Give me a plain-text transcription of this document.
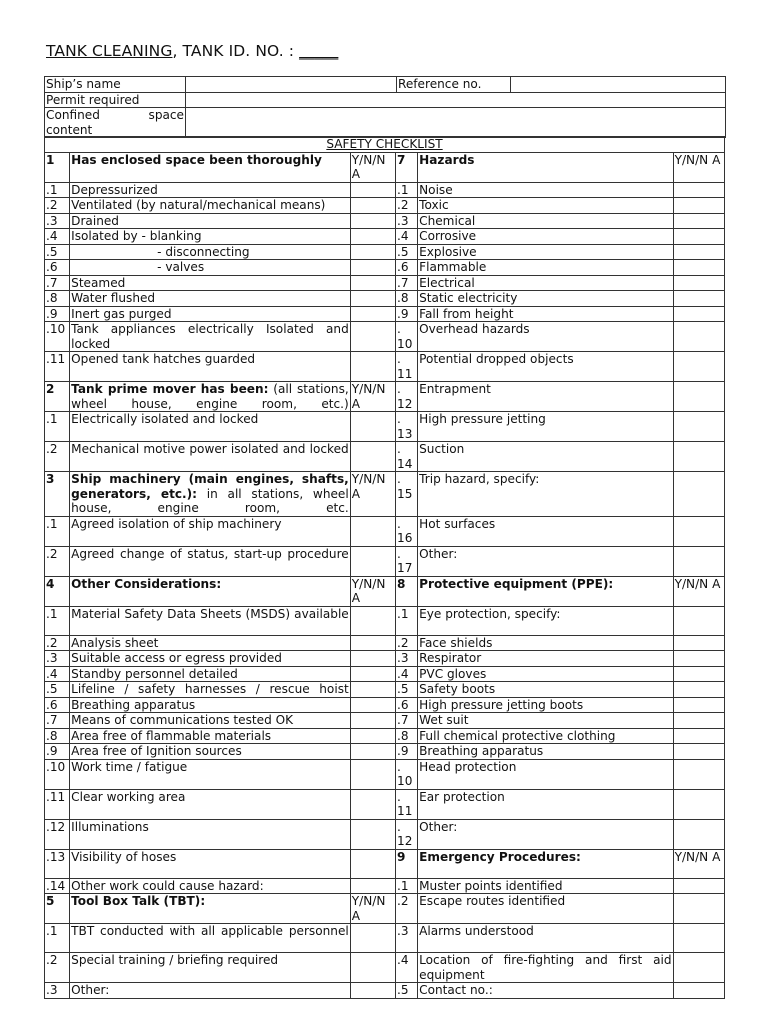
TANK CLEANING, TANK ID. NO. : _____
Ship’s name		Reference no.	
Permit required			

Confined space
content			

SAFETY CHECKLIST					
1	Has enclosed space been thoroughly	Y/N/N A	7	Hazards	Y/N/N A
.1	Depressurized		.1	Noise	
.2	Ventilated (by natural/mechanical means)		.2	Toxic	
.3	Drained		.3	Chemical	
.4	Isolated by - blanking		.4	Corrosive	
.5	- disconnecting		.5	Explosive	
.6	- valves		.6	Flammable	
.7	Steamed		.7	Electrical	
.8	Water flushed		.8	Static electricity	
.9	Inert gas purged		.9	Fall from height	
.10	Tank appliances electrically Isolated and locked		. 10	Overhead hazards	
.11	Opened tank hatches guarded		. 11	Potential dropped objects	
2	Tank prime mover has been: (all stations, wheel house, engine room, etc.)	Y/N/N A	. 12	Entrapment	
.1	Electrically isolated and locked		. 13	High pressure jetting	
.2	Mechanical motive power isolated and locked		. 14	Suction	
3	Ship machinery (main engines, shafts, generators, etc.): in all stations, wheel house, engine room, etc.	Y/N/N A	. 15	Trip hazard, specify:	
.1	Agreed isolation of ship machinery		. 16	Hot surfaces	
.2	Agreed change of status, start-up procedure		. 17	Other:	
4	Other Considerations:	Y/N/N A	8	Protective equipment (PPE):	Y/N/N A
.1	Material Safety Data Sheets (MSDS) available		.1	Eye protection, specify:	
.2	Analysis sheet		.2	Face shields	
.3	Suitable access or egress provided		.3	Respirator	
.4	Standby personnel detailed		.4	PVC gloves	
.5	Lifeline / safety harnesses / rescue hoist		.5	Safety boots	
.6	Breathing apparatus		.6	High pressure jetting boots	
.7	Means of communications tested OK		.7	Wet suit	
.8	Area free of flammable materials		.8	Full chemical protective clothing	
.9	Area free of Ignition sources		.9	Breathing apparatus	
.10	Work time / fatigue		. 10	Head protection	
.11	Clear working area		. 11	Ear protection	
.12	Illuminations		. 12	Other:	
.13	Visibility of hoses		9	Emergency Procedures:	Y/N/N A
.14	Other work could cause hazard:		.1	Muster points identified	
5	Tool Box Talk (TBT):	Y/N/N A	.2	Escape routes identified	
.1	TBT conducted with all applicable personnel		.3	Alarms understood	
.2	Special training / briefing required		.4	Location of fire-fighting and first aid equipment	
.3	Other:		.5	Contact no.:	
